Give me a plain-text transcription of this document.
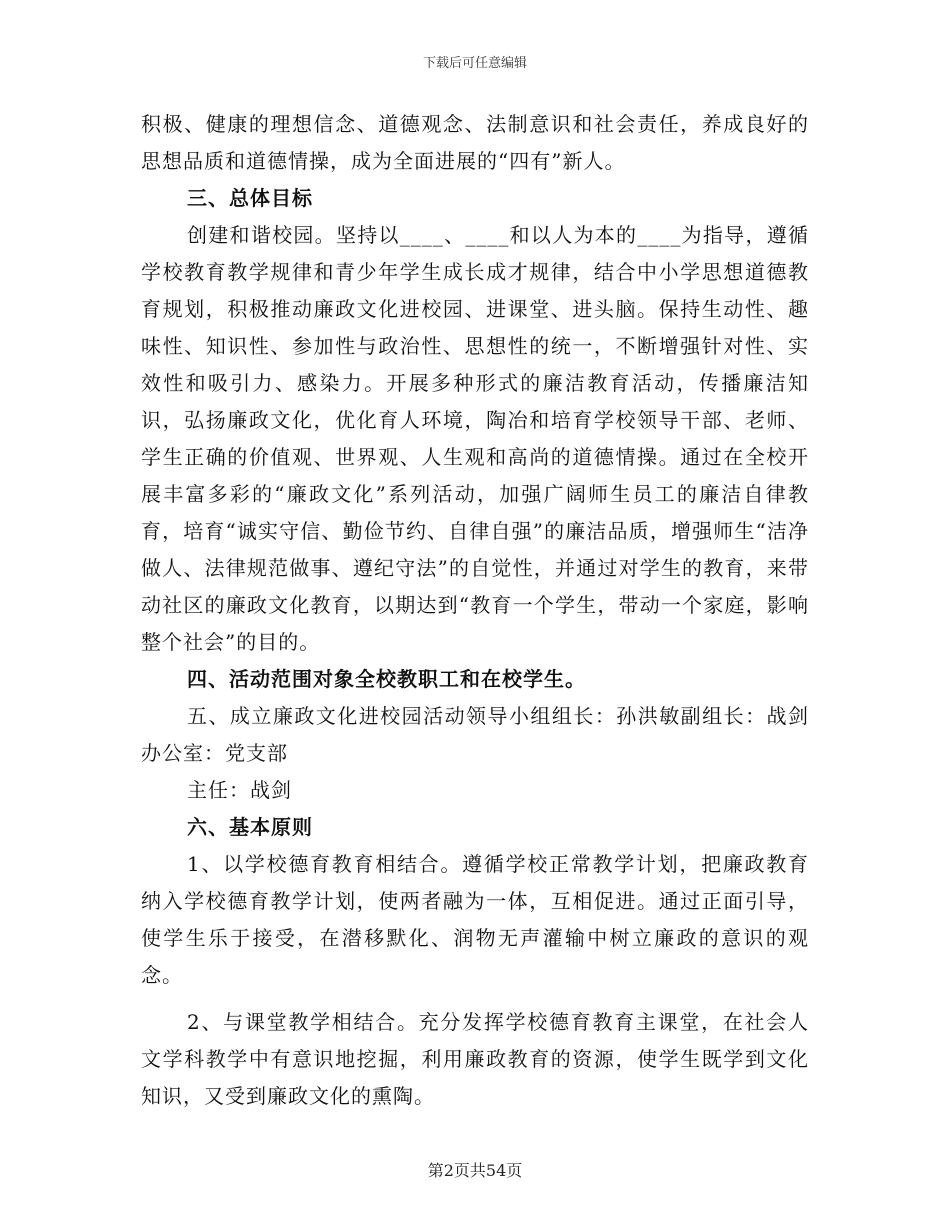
下载后可任意编辑

积极、健康的理想信念、道德观念、法制意识和社会责任，养成良好的思想品质和道德情操，成为全面进展的“四有”新人。

三、总体目标

创建和谐校园。坚持以____、____和以人为本的____为指导，遵循学校教育教学规律和青少年学生成长成才规律，结合中小学思想道德教育规划，积极推动廉政文化进校园、进课堂、进头脑。保持生动性、趣味性、知识性、参加性与政治性、思想性的统一，不断增强针对性、实效性和吸引力、感染力。开展多种形式的廉洁教育活动，传播廉洁知识，弘扬廉政文化，优化育人环境，陶冶和培育学校领导干部、老师、学生正确的价值观、世界观、人生观和高尚的道德情操。通过在全校开展丰富多彩的“廉政文化”系列活动，加强广阔师生员工的廉洁自律教育，培育“诚实守信、勤俭节约、自律自强”的廉洁品质，增强师生“洁净做人、法律规范做事、遵纪守法”的自觉性，并通过对学生的教育，来带动社区的廉政文化教育，以期达到“教育一个学生，带动一个家庭，影响整个社会”的目的。

四、活动范围对象全校教职工和在校学生。

五、成立廉政文化进校园活动领导小组组长：孙洪敏副组长：战剑办公室：党支部

主任：战剑

六、基本原则

1、以学校德育教育相结合。遵循学校正常教学计划，把廉政教育纳入学校德育教学计划，使两者融为一体，互相促进。通过正面引导，使学生乐于接受，在潜移默化、润物无声灌输中树立廉政的意识的观念。

2、与课堂教学相结合。充分发挥学校德育教育主课堂，在社会人文学科教学中有意识地挖掘，利用廉政教育的资源，使学生既学到文化知识，又受到廉政文化的熏陶。

第2页共54页
